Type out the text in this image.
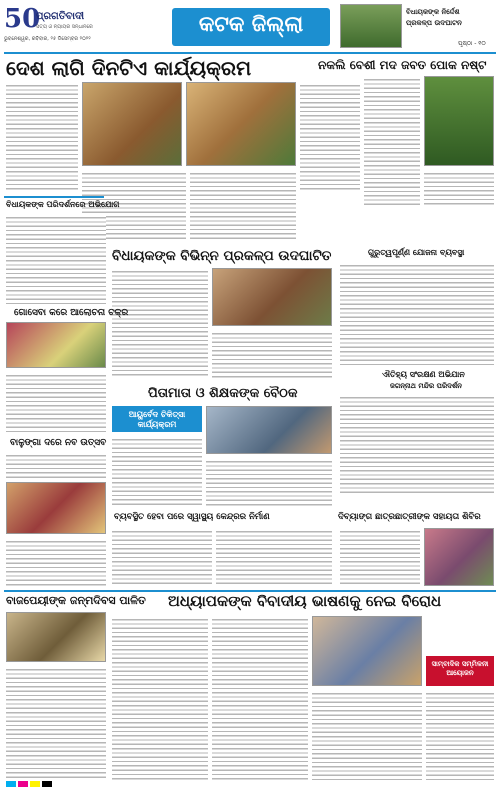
50
ପ୍ରଗତିବାଦୀ
ସତ୍ୟ ଓ ନ୍ୟାୟର ସନ୍ଧାନରେ
ଭୁବନେଶ୍ୱର, ରବିବାର, ୨୫ ଡିସେମ୍ବର ୨୦୨୨
କଟକ ଜିଲ୍ଲା	ବିଧାୟକଙ୍କ ନିର୍ଦ୍ଦେଶ
ପ୍ରକଳ୍ପ ଉଦଘାଟନ
ପୃଷ୍ଠା - ୧୦
ଦେଶ ଲାଗି ଦିନଟିଏ କାର୍ଯ୍ୟକ୍ରମ	ନକଲି ବେଶୀ ମଦ ଜବତ ପୋକ ନଷ୍ଟ
ବିଧାୟକଙ୍କ ପରିଦର୍ଶନରେ ଅଭିଯୋଗ
ବିଧାୟକଙ୍କ ବିଭିନ୍ନ ପ୍ରକଳ୍ପ ଉଦଘାଟିତ	ଗୁରୁତ୍ୱପୂର୍ଣ୍ଣ ଯୋଜନା ବ୍ୟବସ୍ଥା
ଗୋସେବା କରେ ଆଲୋଚନା ଚକ୍ର
ଐତିହ୍ୟ ସଂରକ୍ଷଣ ଅଭିଯାନ
ଜଗନ୍ନାଥ ମନ୍ଦିର ପରିଦର୍ଶନ
ପିତାମାତା ଓ ଶିକ୍ଷକଙ୍କ ବୈଠକ
ଆୟୁର୍ବେଦ ଚିକିତ୍ସା କାର୍ଯ୍ୟକ୍ରମ
ବାଳୁଙ୍ଗା ଦରେ ନବ ଉତ୍ସବ
ବ୍ୟବସ୍ଥିତ ହେବା ପରେ ସ୍ୱାସ୍ଥ୍ୟ କେନ୍ଦ୍ରର ନିର୍ମାଣ	ଦିବ୍ୟାଙ୍ଗ ଛାତ୍ରଛାତ୍ରୀଙ୍କ ସହାୟତା ଶିବିର
ବାଜପେୟୀଙ୍କ ଜନ୍ମଦିବସ ପାଳିତ ଅଧ୍ୟାପକଙ୍କ ବିବାଦୀୟ ଭାଷଣକୁ ନେଇ ବିରୋଧ
ସାମ୍ବାଦିକ ସମ୍ମିଳନୀ ଆୟୋଜନ
